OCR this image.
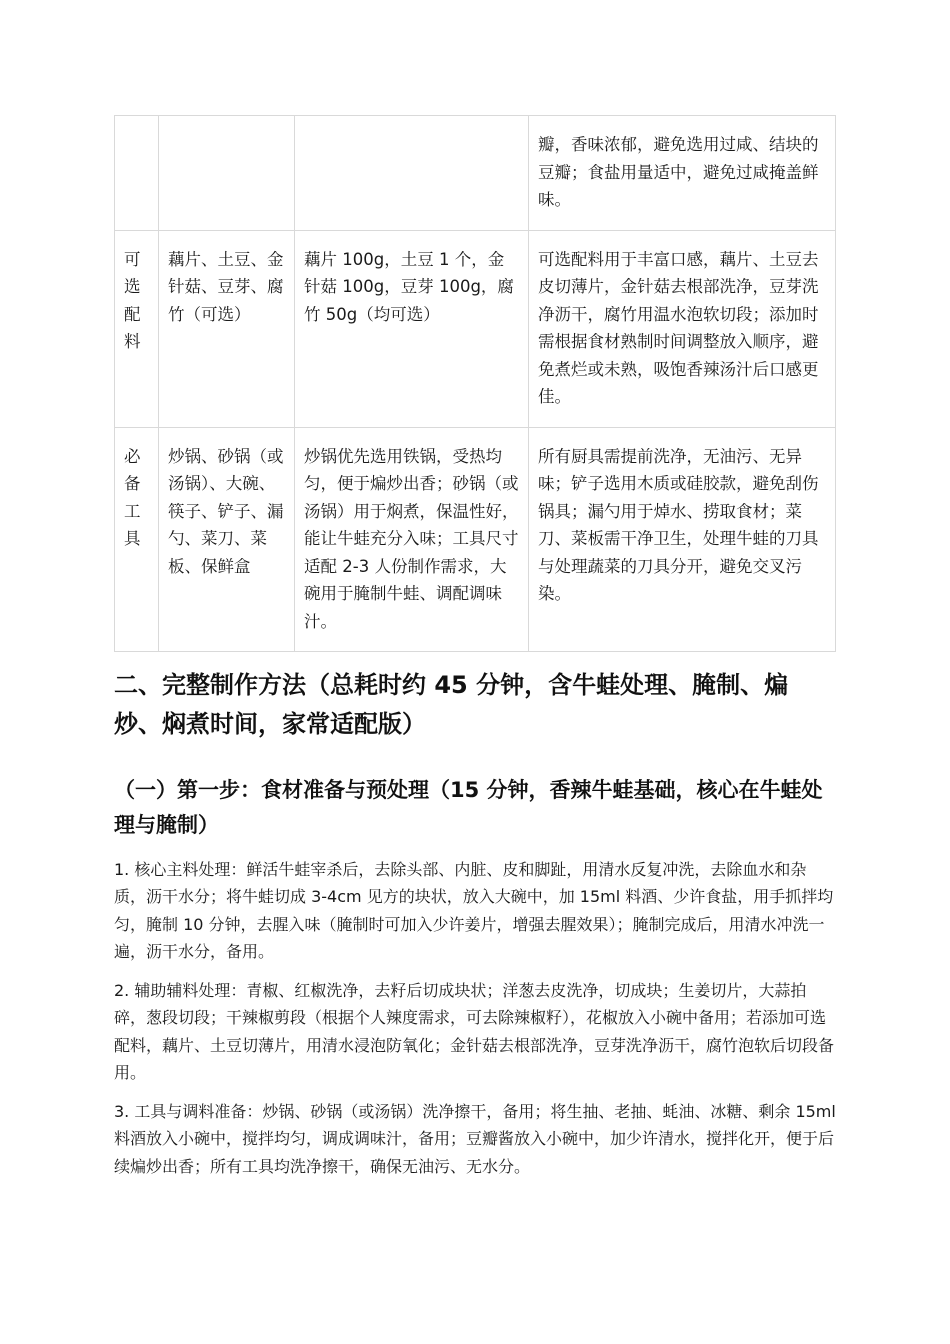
			瓣，香味浓郁，避免选用过咸、结块的豆瓣；食盐用量适中，避免过咸掩盖鲜味。
可选配料	藕片、土豆、金针菇、豆芽、腐竹（可选）	藕片 100g，土豆 1 个，金针菇 100g，豆芽 100g，腐竹 50g（均可选）	可选配料用于丰富口感，藕片、土豆去皮切薄片，金针菇去根部洗净，豆芽洗净沥干，腐竹用温水泡软切段；添加时需根据食材熟制时间调整放入顺序，避免煮烂或未熟，吸饱香辣汤汁后口感更佳。
必备工具	炒锅、砂锅（或汤锅）、大碗、筷子、铲子、漏勺、菜刀、菜板、保鲜盒	炒锅优先选用铁锅，受热均匀，便于煸炒出香；砂锅（或汤锅）用于焖煮，保温性好，能让牛蛙充分入味；工具尺寸适配 2-3 人份制作需求，大碗用于腌制牛蛙、调配调味汁。	所有厨具需提前洗净，无油污、无异味；铲子选用木质或硅胶款，避免刮伤锅具；漏勺用于焯水、捞取食材；菜刀、菜板需干净卫生，处理牛蛙的刀具与处理蔬菜的刀具分开，避免交叉污染。
二、完整制作方法（总耗时约 45 分钟，含牛蛙处理、腌制、煸炒、焖煮时间，家常适配版）
（一）第一步：食材准备与预处理（15 分钟，香辣牛蛙基础，核心在牛蛙处理与腌制）

1. 核心主料处理：鲜活牛蛙宰杀后，去除头部、内脏、皮和脚趾，用清水反复冲洗，去除血水和杂质，沥干水分；将牛蛙切成 3-4cm 见方的块状，放入大碗中，加 15ml 料酒、少许食盐，用手抓拌均匀，腌制 10 分钟，去腥入味（腌制时可加入少许姜片，增强去腥效果）；腌制完成后，用清水冲洗一遍，沥干水分，备用。

2. 辅助辅料处理：青椒、红椒洗净，去籽后切成块状；洋葱去皮洗净，切成块；生姜切片，大蒜拍碎，葱段切段；干辣椒剪段（根据个人辣度需求，可去除辣椒籽），花椒放入小碗中备用；若添加可选配料，藕片、土豆切薄片，用清水浸泡防氧化；金针菇去根部洗净，豆芽洗净沥干，腐竹泡软后切段备用。

3. 工具与调料准备：炒锅、砂锅（或汤锅）洗净擦干，备用；将生抽、老抽、蚝油、冰糖、剩余 15ml 料酒放入小碗中，搅拌均匀，调成调味汁，备用；豆瓣酱放入小碗中，加少许清水，搅拌化开，便于后续煸炒出香；所有工具均洗净擦干，确保无油污、无水分。
